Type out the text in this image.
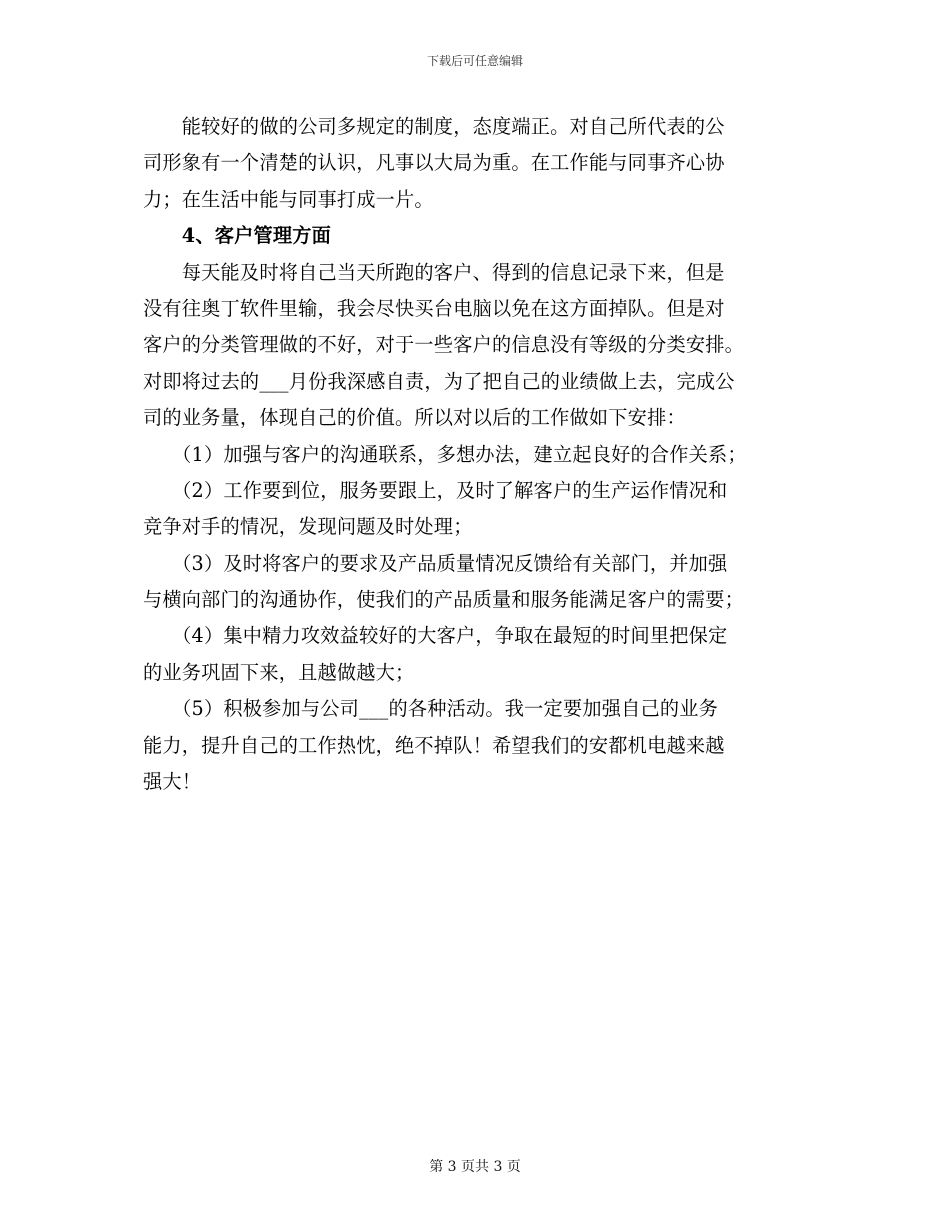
下载后可任意编辑
　　能较好的做的公司多规定的制度，态度端正。对自己所代表的公
司形象有一个清楚的认识，凡事以大局为重。在工作能与同事齐心协
力；在生活中能与同事打成一片。
　　4、客户管理方面
　　每天能及时将自己当天所跑的客户、得到的信息记录下来，但是
没有往奥丁软件里输，我会尽快买台电脑以免在这方面掉队。但是对
客户的分类管理做的不好，对于一些客户的信息没有等级的分类安排。
对即将过去的___月份我深感自责，为了把自己的业绩做上去，完成公
司的业务量，体现自己的价值。所以对以后的工作做如下安排：
　　（1）加强与客户的沟通联系，多想办法，建立起良好的合作关系；
　　（2）工作要到位，服务要跟上，及时了解客户的生产运作情况和
竞争对手的情况，发现问题及时处理；
　　（3）及时将客户的要求及产品质量情况反馈给有关部门，并加强
与横向部门的沟通协作，使我们的产品质量和服务能满足客户的需要；
　　（4）集中精力攻效益较好的大客户，争取在最短的时间里把保定
的业务巩固下来，且越做越大；
　　（5）积极参加与公司___的各种活动。我一定要加强自己的业务
能力，提升自己的工作热忱，绝不掉队！希望我们的安都机电越来越
强大！
第 3 页共 3 页
